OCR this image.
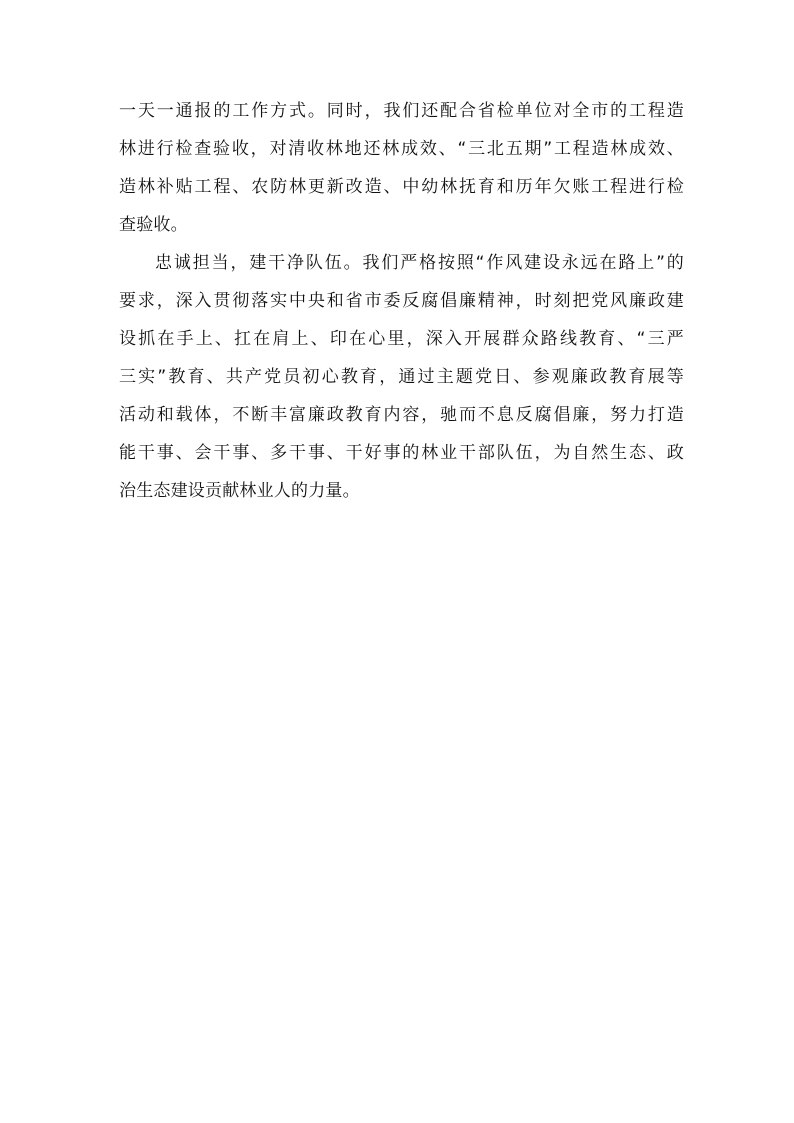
一天一通报的工作方式。同时，我们还配合省检单位对全市的工程造
林进行检查验收，对清收林地还林成效、“三北五期”工程造林成效、
造林补贴工程、农防林更新改造、中幼林抚育和历年欠账工程进行检
查验收。
忠诚担当，建干净队伍。我们严格按照“作风建设永远在路上”的
要求，深入贯彻落实中央和省市委反腐倡廉精神，时刻把党风廉政建
设抓在手上、扛在肩上、印在心里，深入开展群众路线教育、“三严
三实”教育、共产党员初心教育，通过主题党日、参观廉政教育展等
活动和载体，不断丰富廉政教育内容，驰而不息反腐倡廉，努力打造
能干事、会干事、多干事、干好事的林业干部队伍，为自然生态、政
治生态建设贡献林业人的力量。
